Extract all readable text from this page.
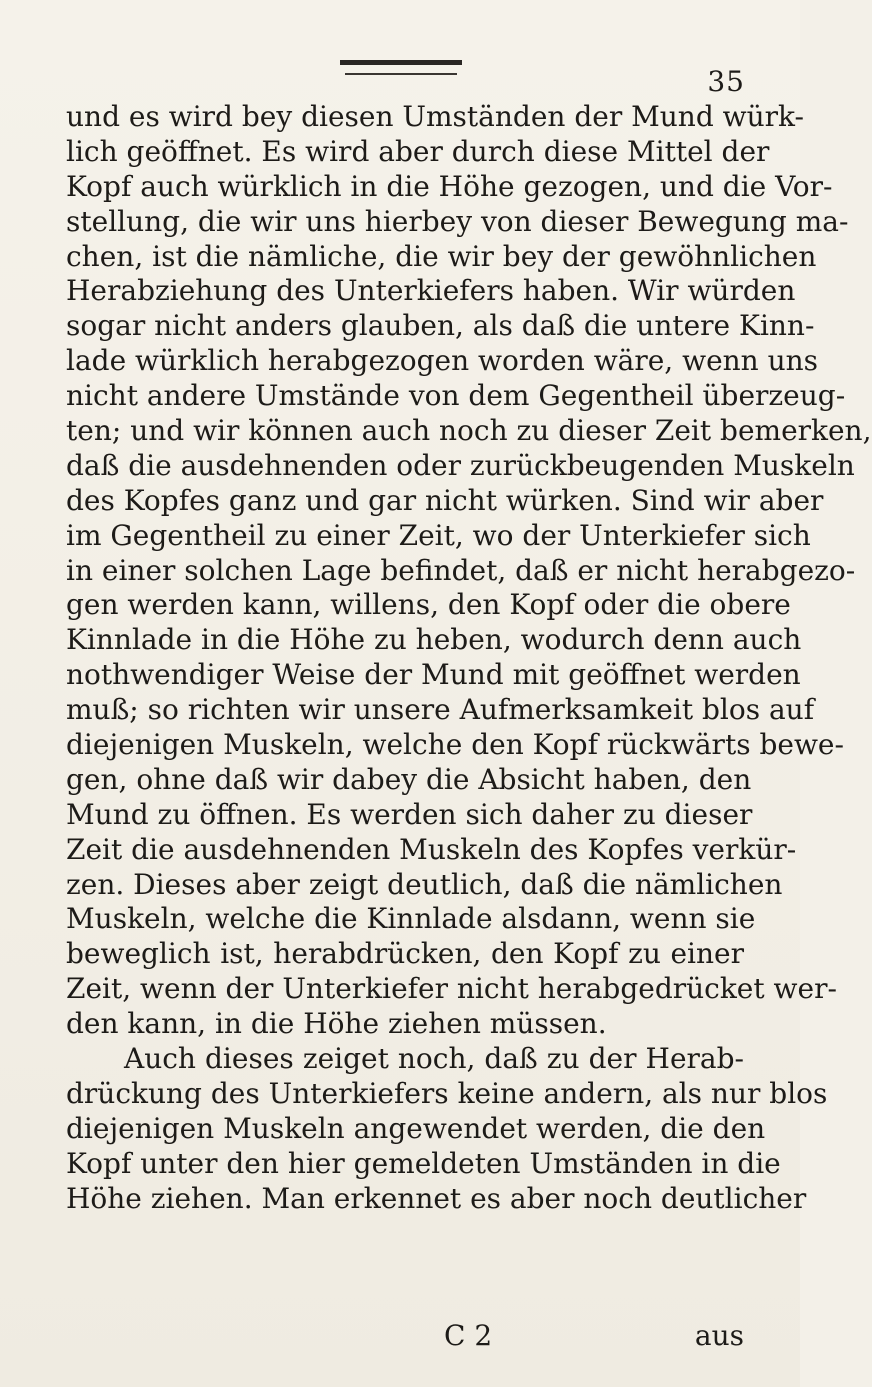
35
und es wird bey diesen Umständen der Mund würk-
lich geöffnet. Es wird aber durch diese Mittel der
Kopf auch würklich in die Höhe gezogen, und die Vor-
stellung, die wir uns hierbey von dieser Bewegung ma-
chen, ist die nämliche, die wir bey der gewöhnlichen
Herabziehung des Unterkiefers haben. Wir würden
sogar nicht anders glauben, als daß die untere Kinn-
lade würklich herabgezogen worden wäre, wenn uns
nicht andere Umstände von dem Gegentheil überzeug-
ten; und wir können auch noch zu dieser Zeit bemerken,
daß die ausdehnenden oder zurückbeugenden Muskeln
des Kopfes ganz und gar nicht würken. Sind wir aber
im Gegentheil zu einer Zeit, wo der Unterkiefer sich
in einer solchen Lage befindet, daß er nicht herabgezo-
gen werden kann, willens, den Kopf oder die obere
Kinnlade in die Höhe zu heben, wodurch denn auch
nothwendiger Weise der Mund mit geöffnet werden
muß; so richten wir unsere Aufmerksamkeit blos auf
diejenigen Muskeln, welche den Kopf rückwärts bewe-
gen, ohne daß wir dabey die Absicht haben, den
Mund zu öffnen. Es werden sich daher zu dieser
Zeit die ausdehnenden Muskeln des Kopfes verkür-
zen. Dieses aber zeigt deutlich, daß die nämlichen
Muskeln, welche die Kinnlade alsdann, wenn sie
beweglich ist, herabdrücken, den Kopf zu einer
Zeit, wenn der Unterkiefer nicht herabgedrücket wer-
den kann, in die Höhe ziehen müssen.
Auch dieses zeiget noch, daß zu der Herab-
drückung des Unterkiefers keine andern, als nur blos
diejenigen Muskeln angewendet werden, die den
Kopf unter den hier gemeldeten Umständen in die
Höhe ziehen. Man erkennet es aber noch deutlicher
C 2	aus
